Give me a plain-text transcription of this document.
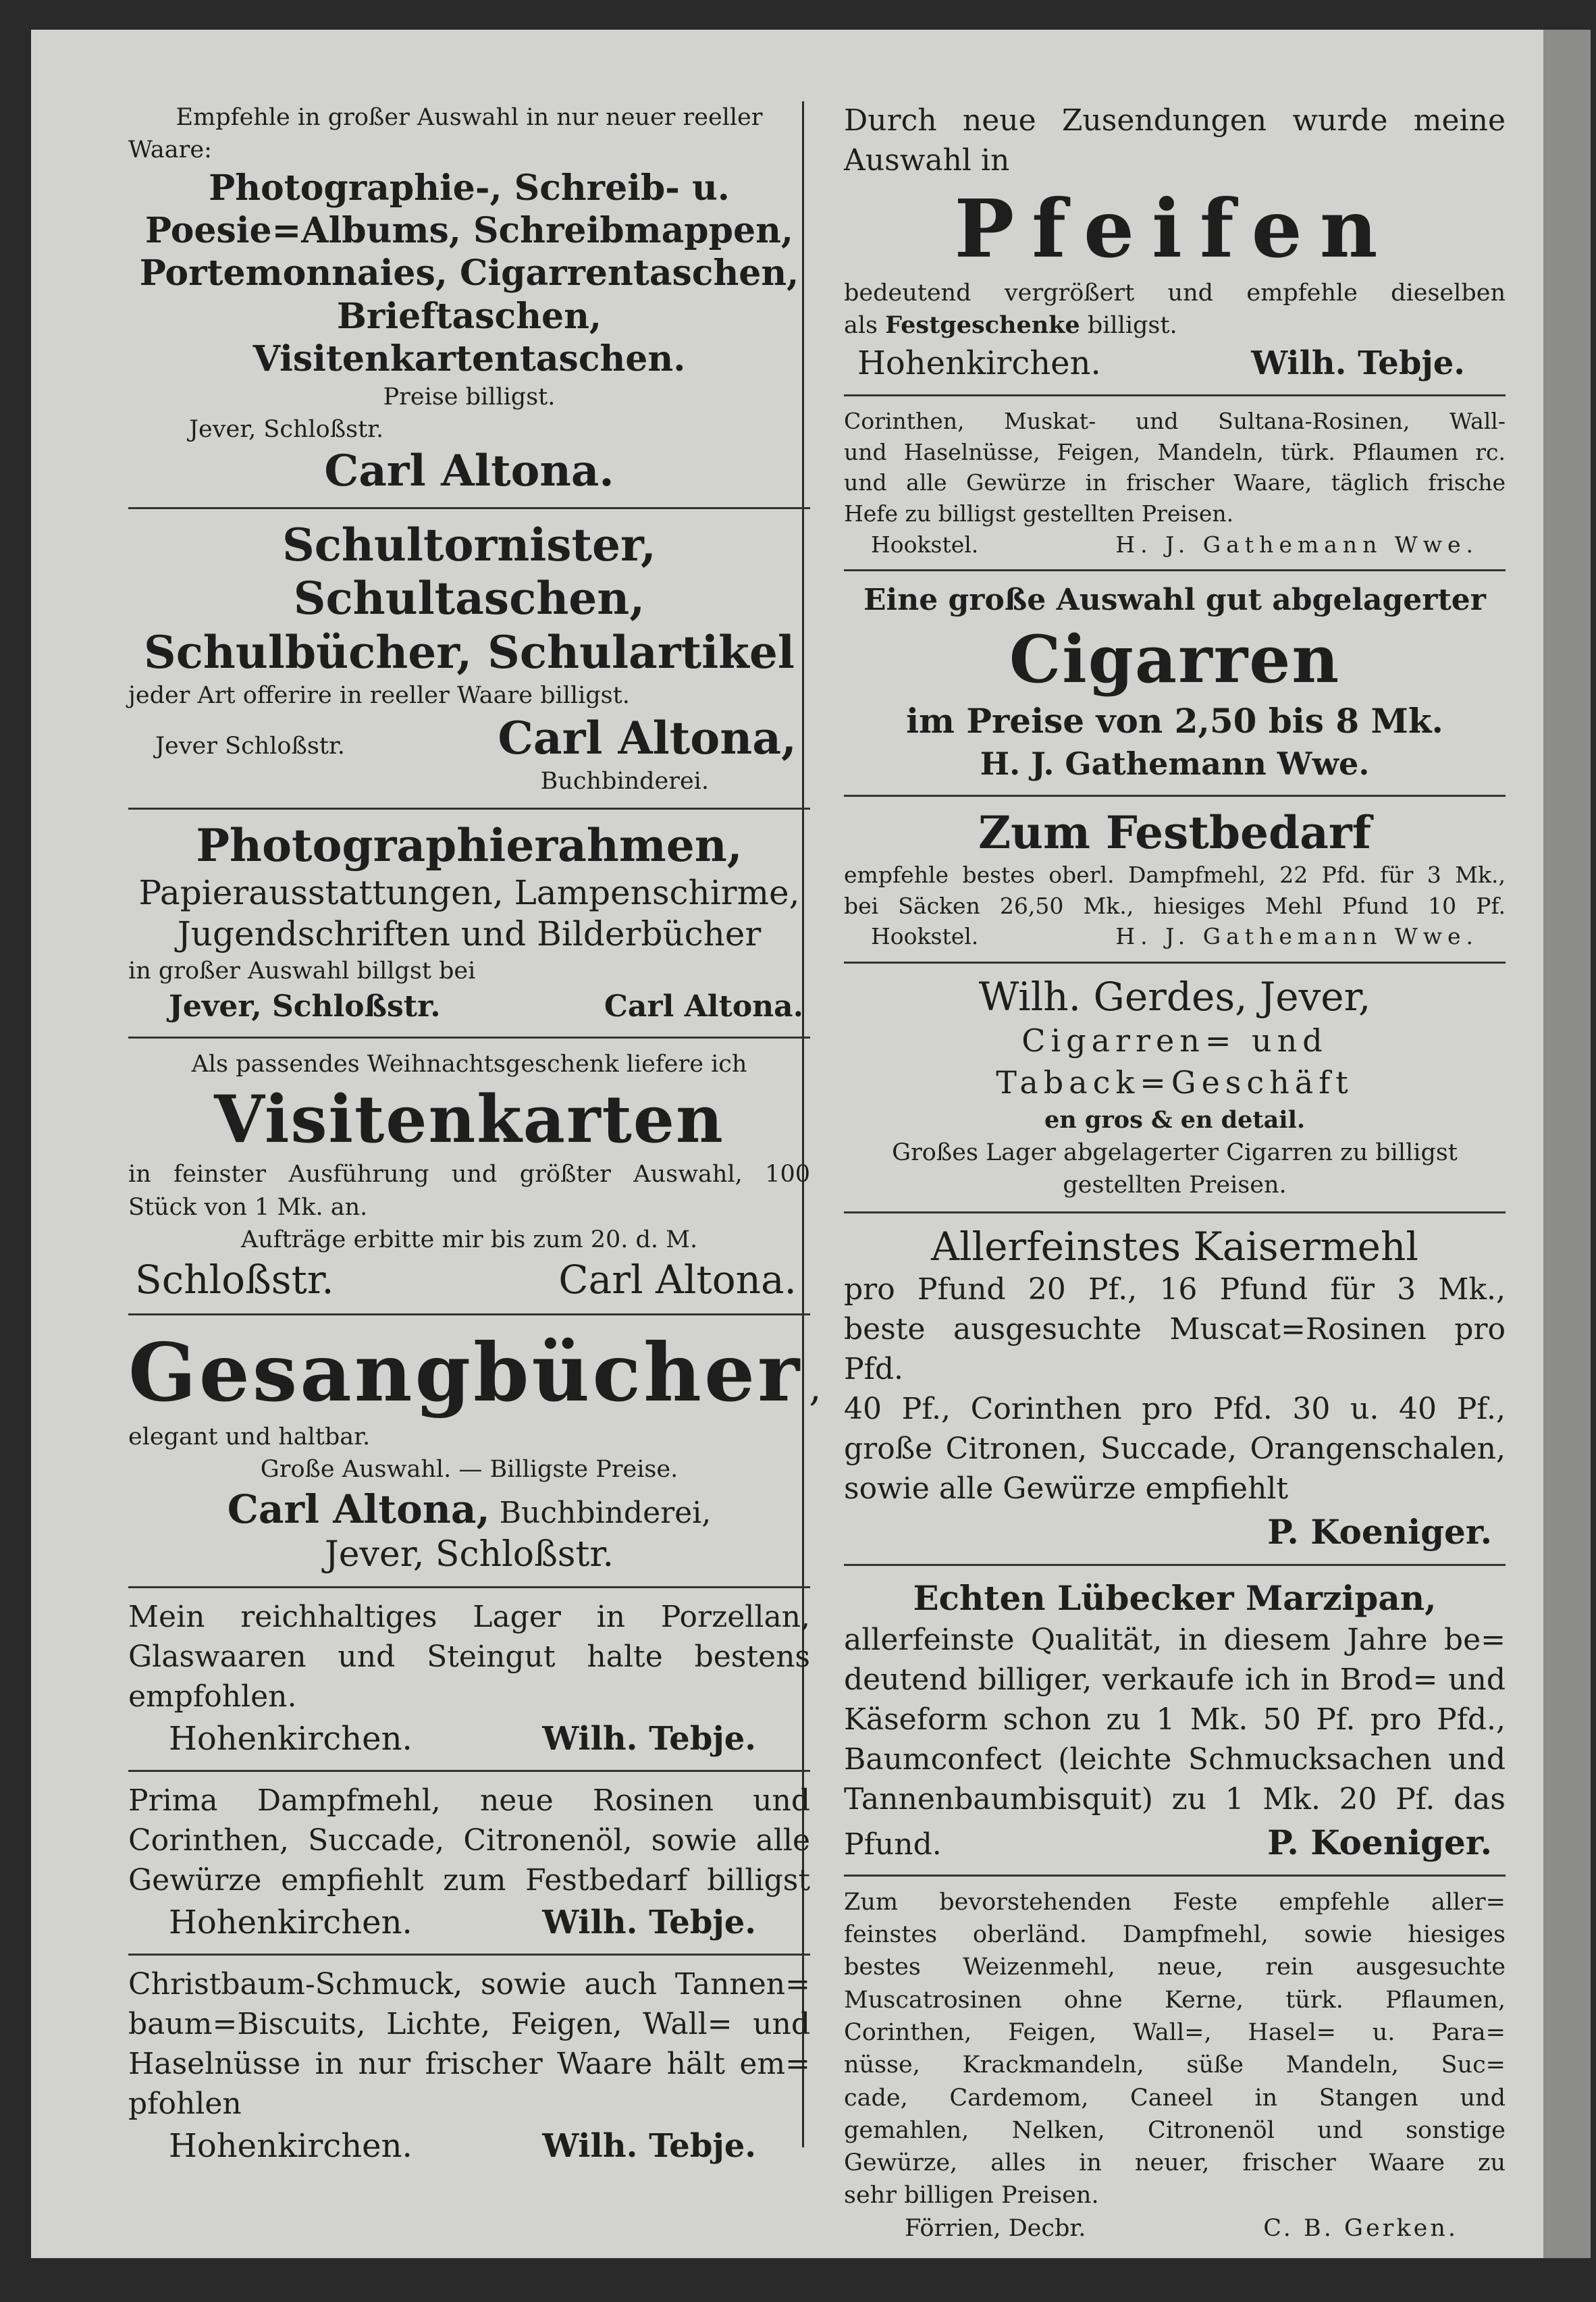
Empfehle in großer Auswahl in nur neuer reeller
Waare:
Photographie-, Schreib- u.
Poesie=Albums, Schreibmappen,
Portemonnaies, Cigarrentaschen,
Brieftaschen, Visitenkartentaschen.
Preise billigst.
Jever, Schloßstr.
Carl Altona.
Schultornister, Schultaschen,
Schulbücher, Schulartikel
jeder Art offerire in reeller Waare billigst.
Jever Schloßstr.	Carl Altona,
Buchbinderei.
Photographierahmen,
Papierausstattungen, Lampenschirme,
Jugendschriften und Bilderbücher
in großer Auswahl billgst bei
Jever, Schloßstr.	Carl Altona.
Als passendes Weihnachtsgeschenk liefere ich
Visitenkarten
in feinster Ausführung und größter Auswahl, 100
Stück von 1 Mk. an.
Aufträge erbitte mir bis zum 20. d. M.
Schloßstr.	Carl Altona.
Gesangbücher ,
elegant und haltbar.
Große Auswahl. — Billigste Preise.
Carl Altona, Buchbinderei,
Jever, Schloßstr.
Mein reichhaltiges Lager in Porzellan,
Glaswaaren und Steingut halte bestens
empfohlen.
Hohenkirchen.	Wilh. Tebje.
Prima Dampfmehl, neue Rosinen und
Corinthen, Succade, Citronenöl, sowie alle
Gewürze empfiehlt zum Festbedarf billigst
Hohenkirchen.	Wilh. Tebje.
Christbaum-Schmuck, sowie auch Tannen=
baum=Biscuits, Lichte, Feigen, Wall= und
Haselnüsse in nur frischer Waare hält em=
pfohlen
Hohenkirchen.	Wilh. Tebje.
Durch neue Zusendungen wurde meine
Auswahl in
Pfeifen
bedeutend vergrößert und empfehle dieselben
als Festgeschenke billigst.
Hohenkirchen.	Wilh. Tebje.
Corinthen, Muskat- und Sultana-Rosinen, Wall-
und Haselnüsse, Feigen, Mandeln, türk. Pflaumen rc.
und alle Gewürze in frischer Waare, täglich frische
Hefe zu billigst gestellten Preisen.
Hookstel.	H. J. Gathemann Wwe.
Eine große Auswahl gut abgelagerter
Cigarren
im Preise von 2,50 bis 8 Mk.
H. J. Gathemann Wwe.
Zum Festbedarf
empfehle bestes oberl. Dampfmehl, 22 Pfd. für 3 Mk.,
bei Säcken 26,50 Mk., hiesiges Mehl Pfund 10 Pf.
Hookstel.	H. J. Gathemann Wwe.
Wilh. Gerdes, Jever,
Cigarren= und Taback=Geschäft
en gros & en detail.
Großes Lager abgelagerter Cigarren zu billigst
gestellten Preisen.
Allerfeinstes Kaisermehl
pro Pfund 20 Pf., 16 Pfund für 3 Mk.,
beste ausgesuchte Muscat=Rosinen pro Pfd.
40 Pf., Corinthen pro Pfd. 30 u. 40 Pf.,
große Citronen, Succade, Orangenschalen,
sowie alle Gewürze empfiehlt
P. Koeniger.
Echten Lübecker Marzipan,
allerfeinste Qualität, in diesem Jahre be=
deutend billiger, verkaufe ich in Brod= und
Käseform schon zu 1 Mk. 50 Pf. pro Pfd.,
Baumconfect (leichte Schmucksachen und
Tannenbaumbisquit) zu 1 Mk. 20 Pf. das
Pfund.	P. Koeniger.
Zum bevorstehenden Feste empfehle aller=
feinstes oberländ. Dampfmehl, sowie hiesiges
bestes Weizenmehl, neue, rein ausgesuchte
Muscatrosinen ohne Kerne, türk. Pflaumen,
Corinthen, Feigen, Wall=, Hasel= u. Para=
nüsse, Krackmandeln, süße Mandeln, Suc=
cade, Cardemom, Caneel in Stangen und
gemahlen, Nelken, Citronenöl und sonstige
Gewürze, alles in neuer, frischer Waare zu
sehr billigen Preisen.
Förrien, Decbr.	C. B. Gerken.
